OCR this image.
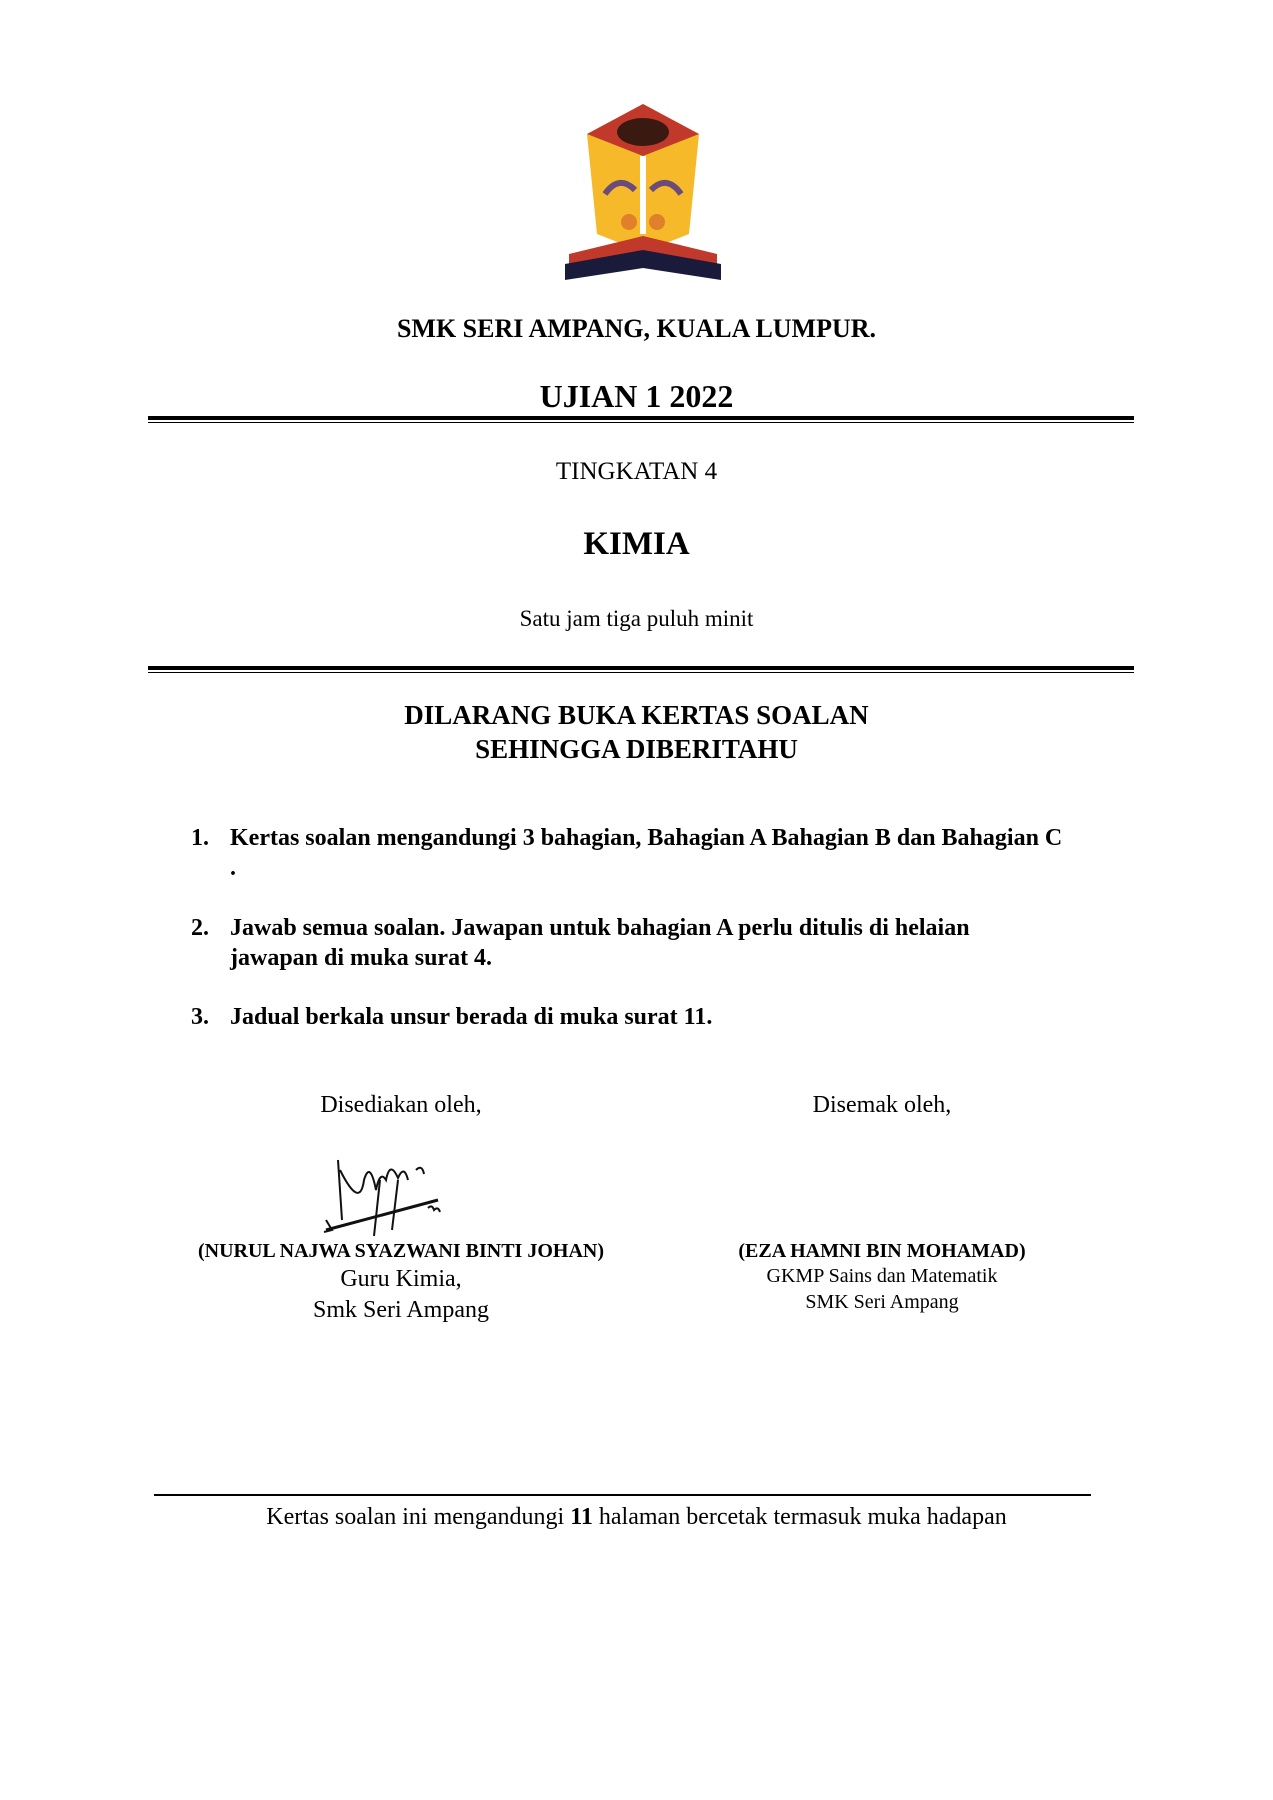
SMK SERI AMPANG, KUALA LUMPUR.
UJIAN 1 2022
TINGKATAN 4
KIMIA
Satu jam tiga puluh minit
DILARANG BUKA KERTAS SOALAN
SEHINGGA DIBERITAHU
1. Kertas soalan mengandungi 3 bahagian, Bahagian A Bahagian B dan Bahagian C
.
2. Jawab semua soalan. Jawapan untuk bahagian A perlu ditulis di helaian
jawapan di muka surat 4.
3. Jadual berkala unsur berada di muka surat 11.
Disediakan oleh,	Disemak oleh,
(NURUL NAJWA SYAZWANI BINTI JOHAN)
Guru Kimia,
Smk Seri Ampang
(EZA HAMNI BIN MOHAMAD)
GKMP Sains dan Matematik
SMK Seri Ampang
Kertas soalan ini mengandungi 11 halaman bercetak termasuk muka hadapan
